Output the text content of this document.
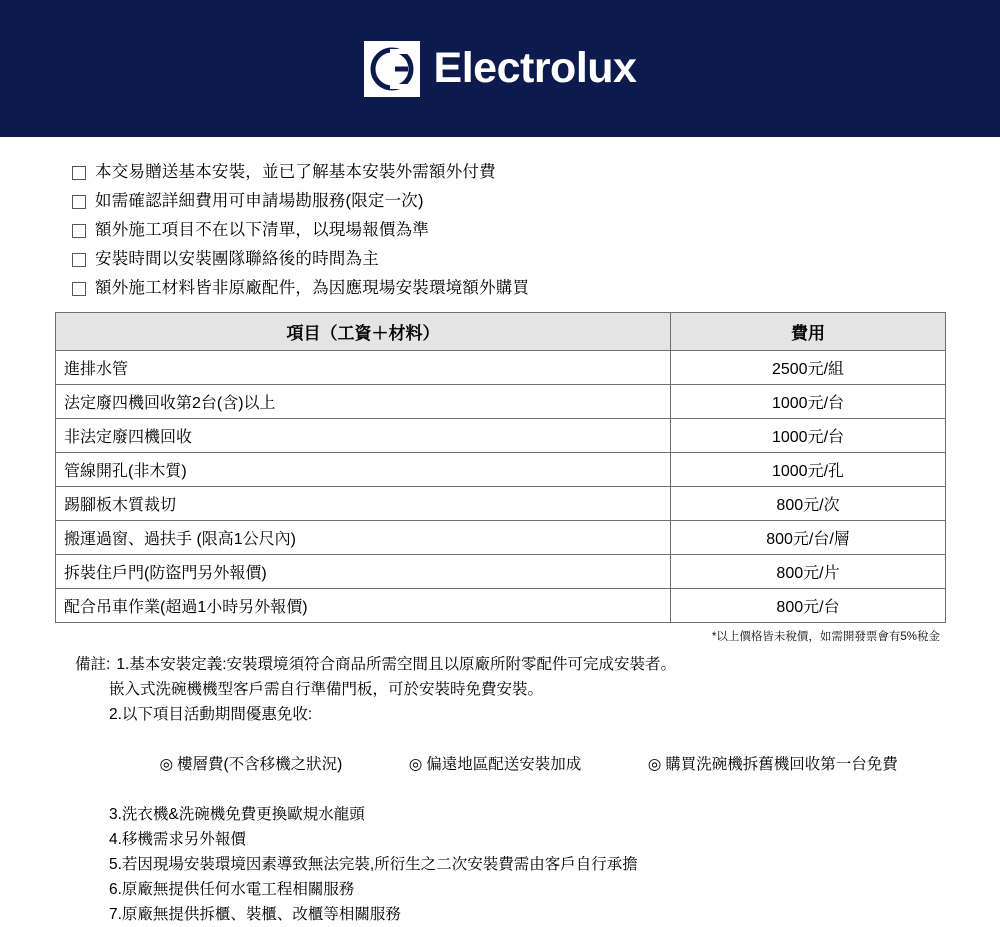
Electrolux
本交易贈送基本安裝，並已了解基本安裝外需額外付費
如需確認詳細費用可申請場勘服務(限定一次)
額外施工項目不在以下清單，以現場報價為準
安裝時間以安裝團隊聯絡後的時間為主
額外施工材料皆非原廠配件，為因應現場安裝環境額外購買
項目（工資＋材料）	費用
進排水管	2500元/組
法定廢四機回收第2台(含)以上	1000元/台
非法定廢四機回收	1000元/台
管線開孔(非木質)	1000元/孔
踢腳板木質裁切	800元/次
搬運過窗、過扶手 (限高1公尺內)	800元/台/層
拆裝住戶門(防盜門另外報價)	800元/片
配合吊車作業(超過1小時另外報價)	800元/台
*以上價格皆未稅價，如需開發票會有5%稅金
備註: 1.基本安裝定義:安裝環境須符合商品所需空間且以原廠所附零配件可完成安裝者。
嵌入式洗碗機機型客戶需自行準備門板，可於安裝時免費安裝。
2.以下項目活動期間優惠免收:

◎ 樓層費(不含移機之狀況)
	◎ 偏遠地區配送安裝加成
	◎ 購買洗碗機拆舊機回收第一台免費

3.洗衣機&洗碗機免費更換歐規水龍頭
4.移機需求另外報價
5.若因現場安裝環境因素導致無法完裝,所衍生之二次安裝費需由客戶自行承擔
6.原廠無提供任何水電工程相關服務
7.原廠無提供拆櫃、裝櫃、改櫃等相關服務
